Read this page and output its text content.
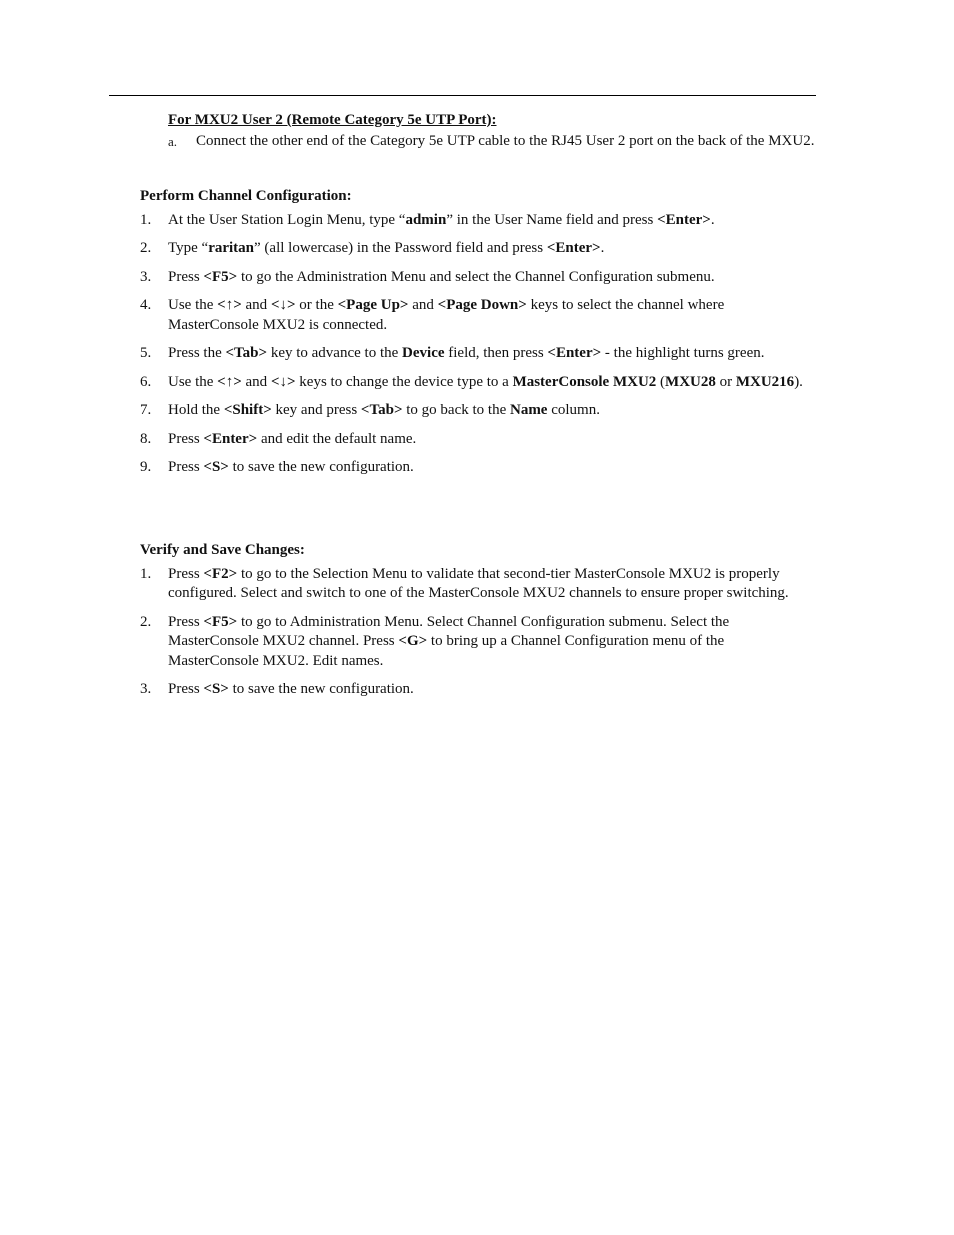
For MXU2 User 2 (Remote Category 5e UTP Port):
a.	Connect the other end of the Category 5e UTP cable to the RJ45 User 2 port on the back of the MXU2.
Perform Channel Configuration:
1.	At the User Station Login Menu, type “admin” in the User Name field and press <Enter>.
2.	Type “raritan” (all lowercase) in the Password field and press <Enter>.
3.	Press <F5> to go the Administration Menu and select the Channel Configuration submenu.
4.	Use the <↑> and <↓> or the <Page Up> and <Page Down> keys to select the channel where MasterConsole MXU2 is connected.
5.	Press the <Tab> key to advance to the Device field, then press <Enter> - the highlight turns green.
6.	Use the <↑> and <↓> keys to change the device type to a MasterConsole MXU2 (MXU28 or MXU216).
7.	Hold the <Shift> key and press <Tab> to go back to the Name column.
8.	Press <Enter> and edit the default name.
9.	Press <S> to save the new configuration.
Verify and Save Changes:
1.	Press <F2> to go to the Selection Menu to validate that second-tier MasterConsole MXU2 is properly configured. Select and switch to one of the MasterConsole MXU2 channels to ensure proper switching.
2.	Press <F5> to go to Administration Menu. Select Channel Configuration submenu. Select the MasterConsole MXU2 channel. Press <G> to bring up a Channel Configuration menu of the MasterConsole MXU2. Edit names.
3.	Press <S> to save the new configuration.
